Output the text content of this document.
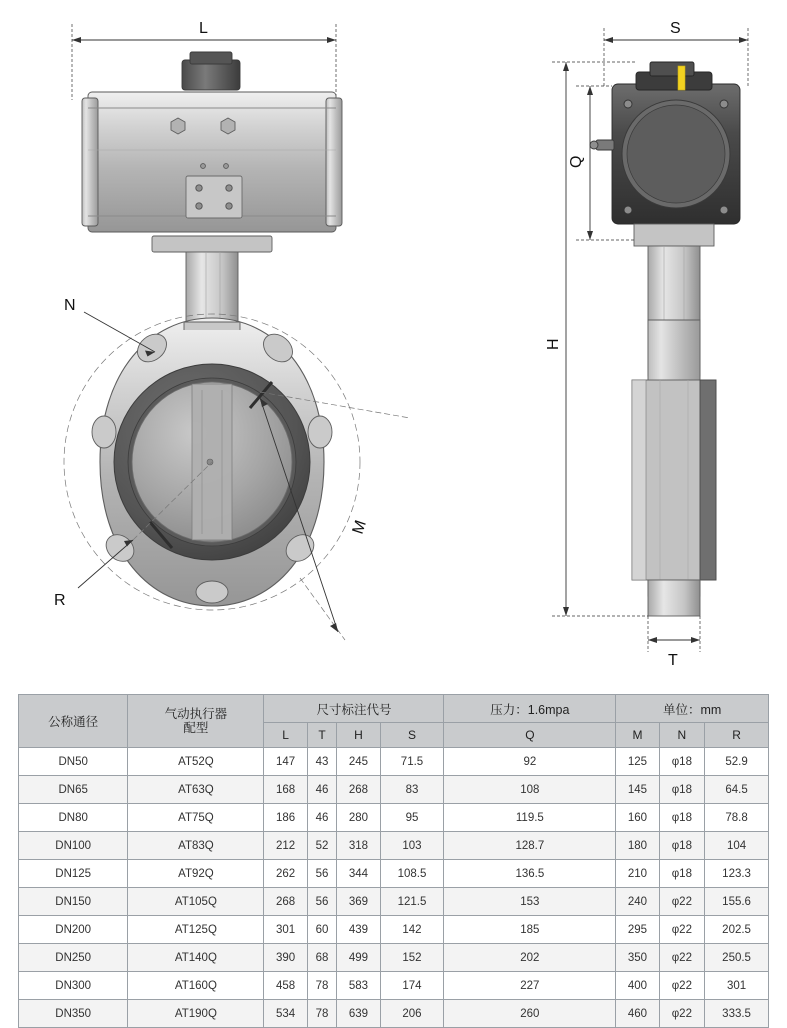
L	S
Q
H
T
N
R
M
公称通径	气动执行器
配型	尺寸标注代号				压力：1.6mpa	单位：mm		
		L	T	H	S	Q	M	N	R
DN50	AT52Q	147	43	245	71.5	92	125	φ18	52.9
DN65	AT63Q	168	46	268	83	108	145	φ18	64.5
DN80	AT75Q	186	46	280	95	119.5	160	φ18	78.8
DN100	AT83Q	212	52	318	103	128.7	180	φ18	104
DN125	AT92Q	262	56	344	108.5	136.5	210	φ18	123.3
DN150	AT105Q	268	56	369	121.5	153	240	φ22	155.6
DN200	AT125Q	301	60	439	142	185	295	φ22	202.5
DN250	AT140Q	390	68	499	152	202	350	φ22	250.5
DN300	AT160Q	458	78	583	174	227	400	φ22	301
DN350	AT190Q	534	78	639	206	260	460	φ22	333.5
